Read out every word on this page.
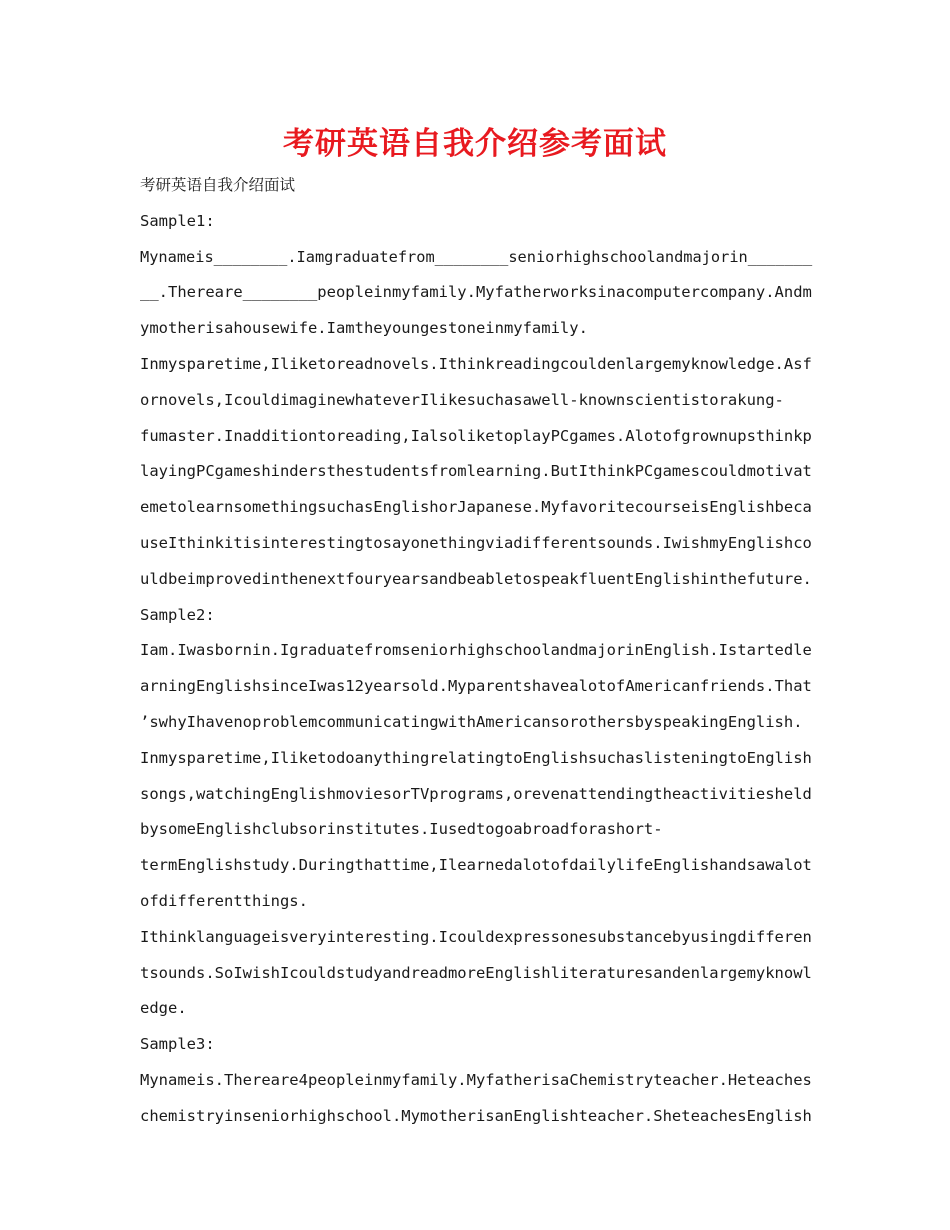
考研英语自我介绍参考面试
考研英语自我介绍面试
Sample1:
Mynameis________.Iamgraduatefrom________seniorhighschoolandmajorin_______
__.Thereare________peopleinmyfamily.Myfatherworksinacomputercompany.Andm
ymotherisahousewife.Iamtheyoungestoneinmyfamily.
Inmysparetime,Iliketoreadnovels.Ithinkreadingcouldenlargemyknowledge.Asf
ornovels,IcouldimaginewhateverIlikesuchasawell-knownscientistorakung-
fumaster.Inadditiontoreading,IalsoliketoplayPCgames.Alotofgrownupsthinkp
layingPCgameshindersthestudentsfromlearning.ButIthinkPCgamescouldmotivat
emetolearnsomethingsuchasEnglishorJapanese.MyfavoritecourseisEnglishbeca
useIthinkitisinterestingtosayonethingviadifferentsounds.IwishmyEnglishco
uldbeimprovedinthenextfouryearsandbeabletospeakfluentEnglishinthefuture.
Sample2:
Iam.Iwasbornin.IgraduatefromseniorhighschoolandmajorinEnglish.Istartedle
arningEnglishsinceIwas12yearsold.MyparentshavealotofAmericanfriends.That
’swhyIhavenoproblemcommunicatingwithAmericansorothersbyspeakingEnglish.
Inmysparetime,IliketodoanythingrelatingtoEnglishsuchaslisteningtoEnglish
songs,watchingEnglishmoviesorTVprograms,orevenattendingtheactivitiesheld
bysomeEnglishclubsorinstitutes.Iusedtogoabroadforashort-
termEnglishstudy.Duringthattime,IlearnedalotofdailylifeEnglishandsawalot
ofdifferentthings.
Ithinklanguageisveryinteresting.Icouldexpressonesubstancebyusingdifferen
tsounds.SoIwishIcouldstudyandreadmoreEnglishliteraturesandenlargemyknowl
edge.
Sample3:
Mynameis.Thereare4peopleinmyfamily.MyfatherisaChemistryteacher.Heteaches
chemistryinseniorhighschool.MymotherisanEnglishteacher.SheteachesEnglish
